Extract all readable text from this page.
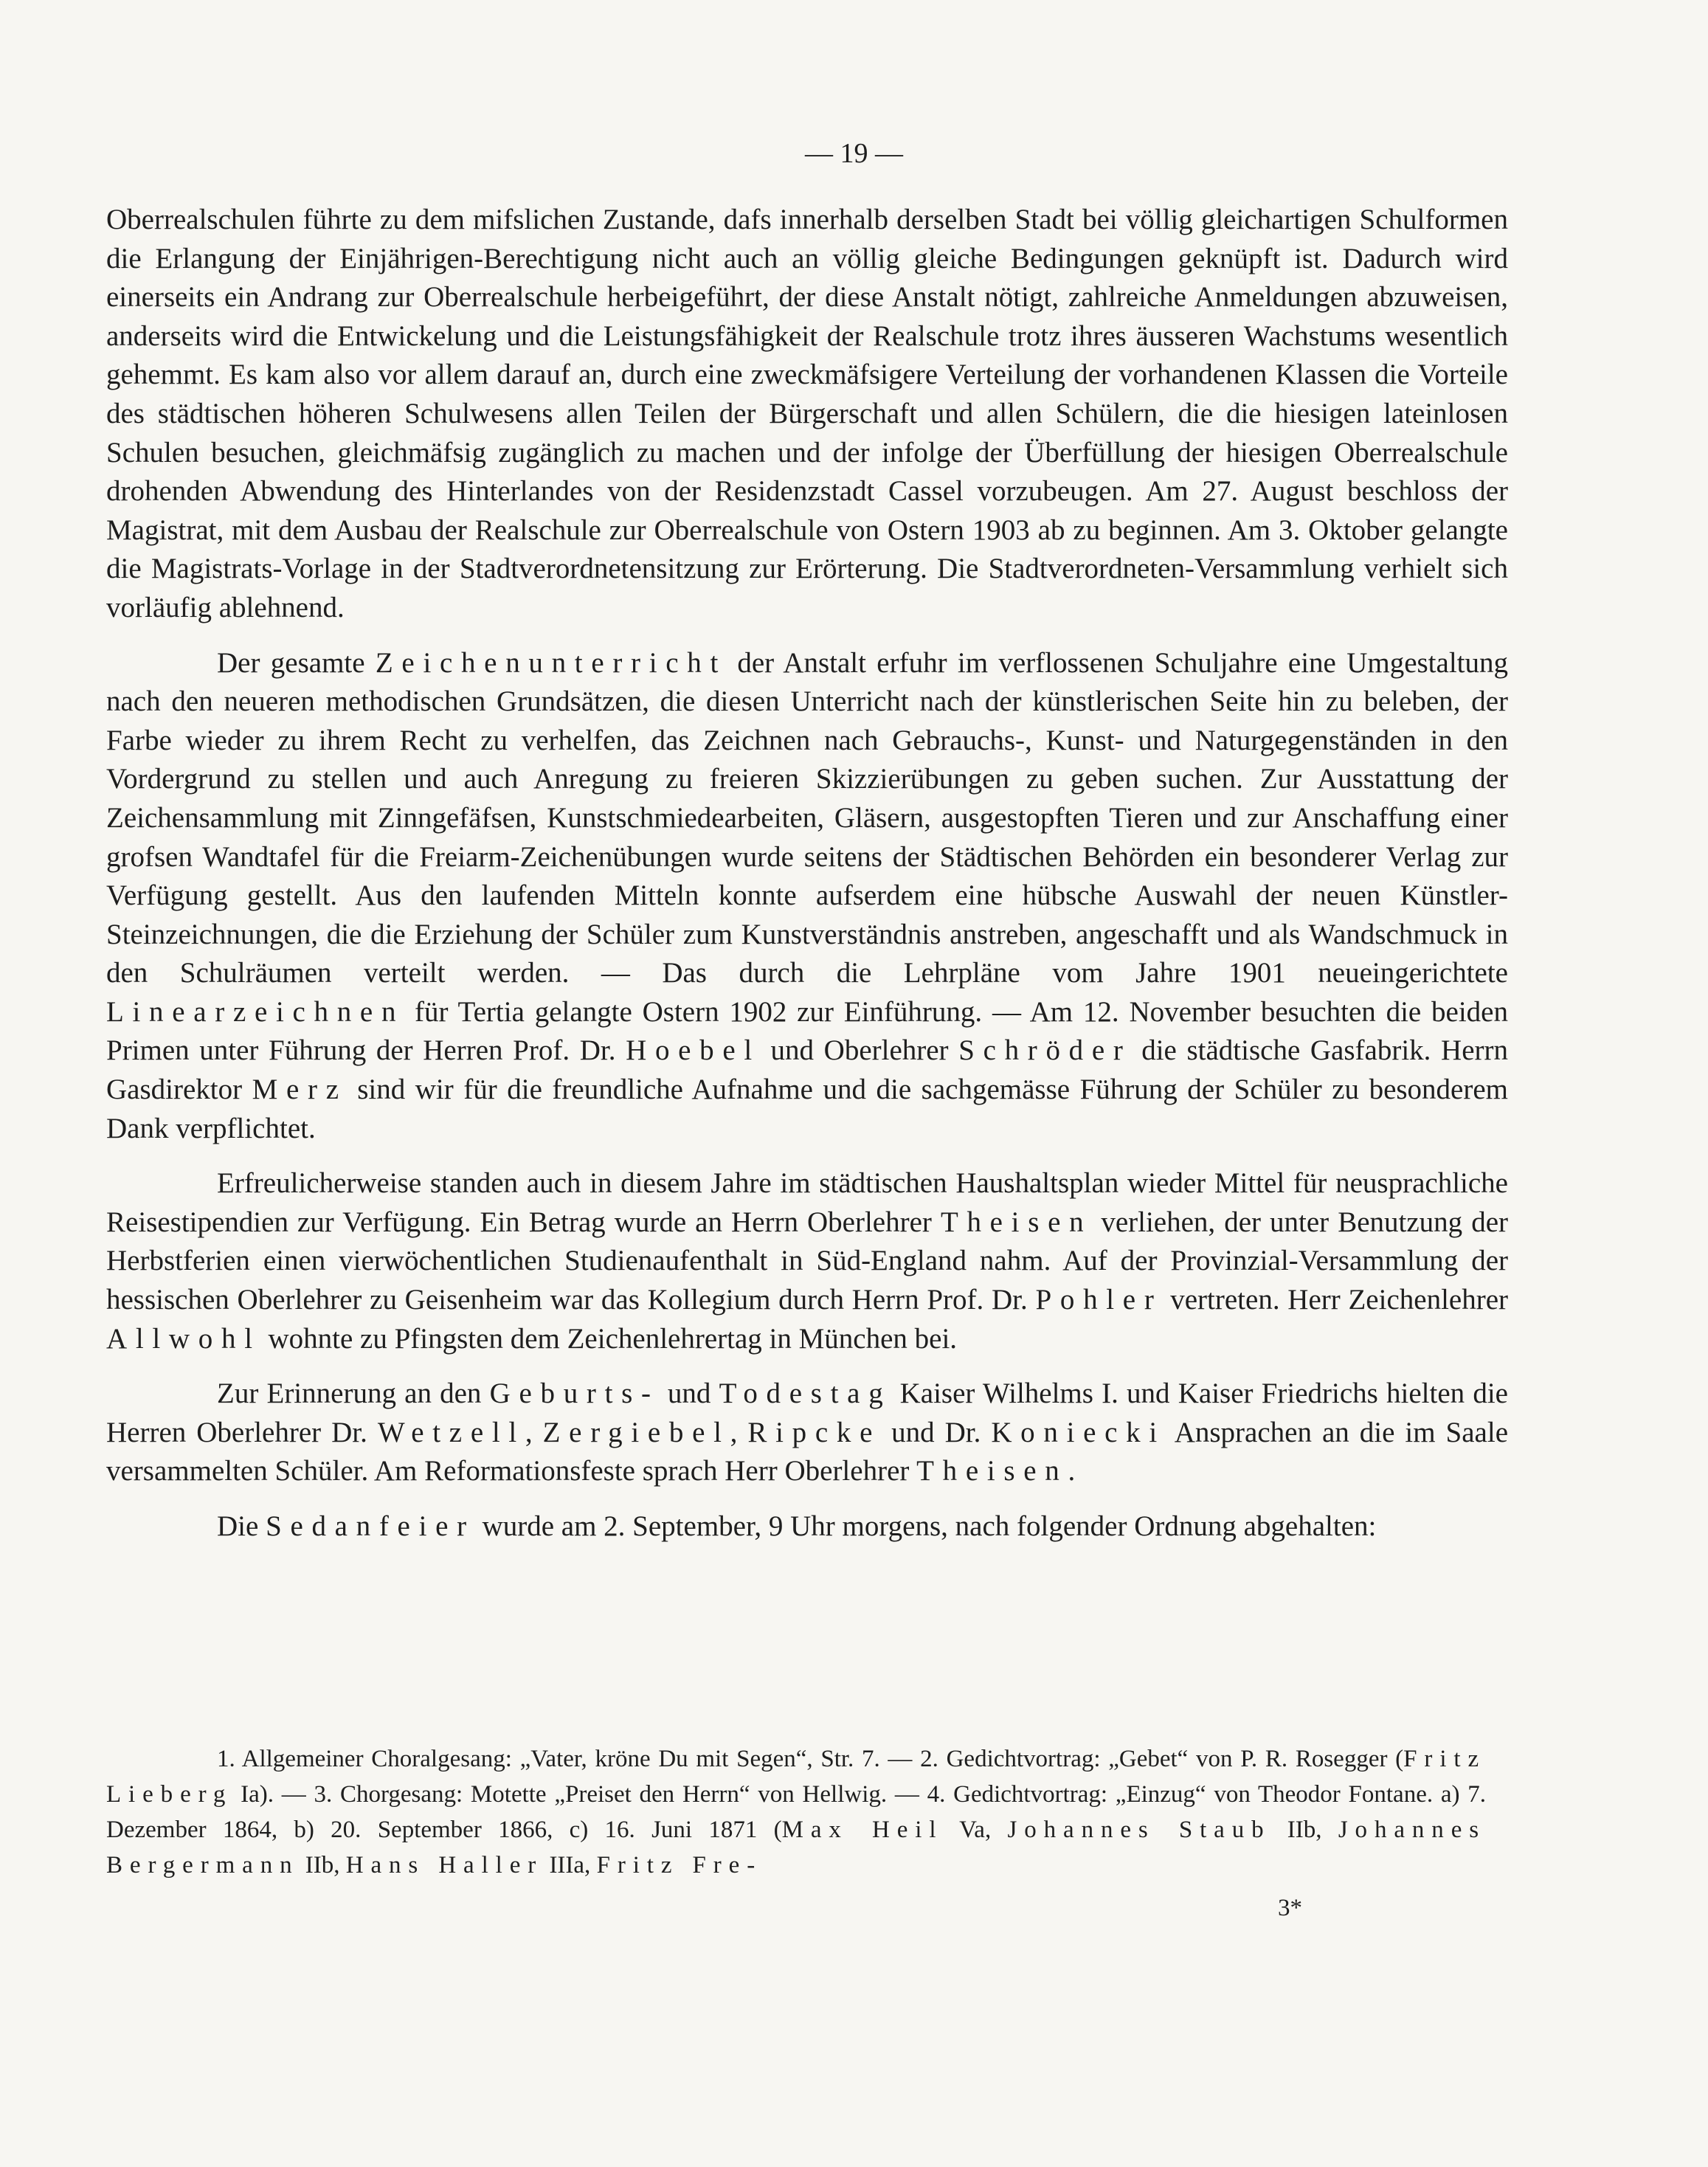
— 19 —

Oberrealschulen führte zu dem mifslichen Zustande, dafs innerhalb derselben Stadt bei völlig gleichartigen Schulformen die Erlangung der Einjährigen-Berechtigung nicht auch an völlig gleiche Bedingungen geknüpft ist. Dadurch wird einerseits ein Andrang zur Oberrealschule herbeigeführt, der diese Anstalt nötigt, zahlreiche Anmeldungen abzuweisen, anderseits wird die Entwickelung und die Leistungsfähigkeit der Realschule trotz ihres äusseren Wachstums wesentlich gehemmt. Es kam also vor allem darauf an, durch eine zweckmäfsigere Verteilung der vorhandenen Klassen die Vorteile des städtischen höheren Schulwesens allen Teilen der Bürgerschaft und allen Schülern, die die hiesigen lateinlosen Schulen besuchen, gleichmäfsig zugänglich zu machen und der infolge der Überfüllung der hiesigen Oberrealschule drohenden Abwendung des Hinterlandes von der Residenzstadt Cassel vorzubeugen. Am 27. August beschloss der Magistrat, mit dem Ausbau der Realschule zur Oberrealschule von Ostern 1903 ab zu beginnen. Am 3. Oktober gelangte die Magistrats-Vorlage in der Stadtverordnetensitzung zur Erörterung. Die Stadtverordneten-Versammlung verhielt sich vorläufig ablehnend.

Der gesamte Zeichenunterricht der Anstalt erfuhr im verflossenen Schuljahre eine Umgestaltung nach den neueren methodischen Grundsätzen, die diesen Unterricht nach der künstlerischen Seite hin zu beleben, der Farbe wieder zu ihrem Recht zu verhelfen, das Zeichnen nach Gebrauchs-, Kunst- und Naturgegenständen in den Vordergrund zu stellen und auch Anregung zu freieren Skizzierübungen zu geben suchen. Zur Ausstattung der Zeichensammlung mit Zinngefäfsen, Kunstschmiedearbeiten, Gläsern, ausgestopften Tieren und zur Anschaffung einer grofsen Wandtafel für die Freiarm-Zeichenübungen wurde seitens der Städtischen Behörden ein besonderer Verlag zur Verfügung gestellt. Aus den laufenden Mitteln konnte aufserdem eine hübsche Auswahl der neuen Künstler-Steinzeichnungen, die die Erziehung der Schüler zum Kunstverständnis anstreben, angeschafft und als Wandschmuck in den Schulräumen verteilt werden. — Das durch die Lehrpläne vom Jahre 1901 neueingerichtete Linearzeichnen für Tertia gelangte Ostern 1902 zur Einführung. — Am 12. November besuchten die beiden Primen unter Führung der Herren Prof. Dr. Hoebel und Oberlehrer Schröder die städtische Gasfabrik. Herrn Gasdirektor Merz sind wir für die freundliche Aufnahme und die sachgemässe Führung der Schüler zu besonderem Dank verpflichtet.

Erfreulicherweise standen auch in diesem Jahre im städtischen Haushaltsplan wieder Mittel für neusprachliche Reisestipendien zur Verfügung. Ein Betrag wurde an Herrn Oberlehrer Theisen verliehen, der unter Benutzung der Herbstferien einen vierwöchentlichen Studienaufenthalt in Süd-England nahm. Auf der Provinzial-Versammlung der hessischen Oberlehrer zu Geisenheim war das Kollegium durch Herrn Prof. Dr. Pohler vertreten. Herr Zeichenlehrer Allwohl wohnte zu Pfingsten dem Zeichenlehrertag in München bei.

Zur Erinnerung an den Geburts- und Todestag Kaiser Wilhelms I. und Kaiser Friedrichs hielten die Herren Oberlehrer Dr. Wetzell, Zergiebel, Ripcke und Dr. Koniecki Ansprachen an die im Saale versammelten Schüler. Am Reformationsfeste sprach Herr Oberlehrer Theisen.

Die Sedanfeier wurde am 2. September, 9 Uhr morgens, nach folgender Ordnung abgehalten:

1. Allgemeiner Choralgesang: „Vater, kröne Du mit Segen“, Str. 7. — 2. Gedichtvortrag: „Gebet“ von P. R. Rosegger (Fritz Lieberg Ia). — 3. Chorgesang: Motette „Preiset den Herrn“ von Hellwig. — 4. Gedichtvortrag: „Einzug“ von Theodor Fontane. a) 7. Dezember 1864, b) 20. September 1866, c) 16. Juni 1871 (Max Heil Va, Johannes Staub IIb, Johannes Bergermann IIb, Hans Haller IIIa, Fritz Fre-

3*
